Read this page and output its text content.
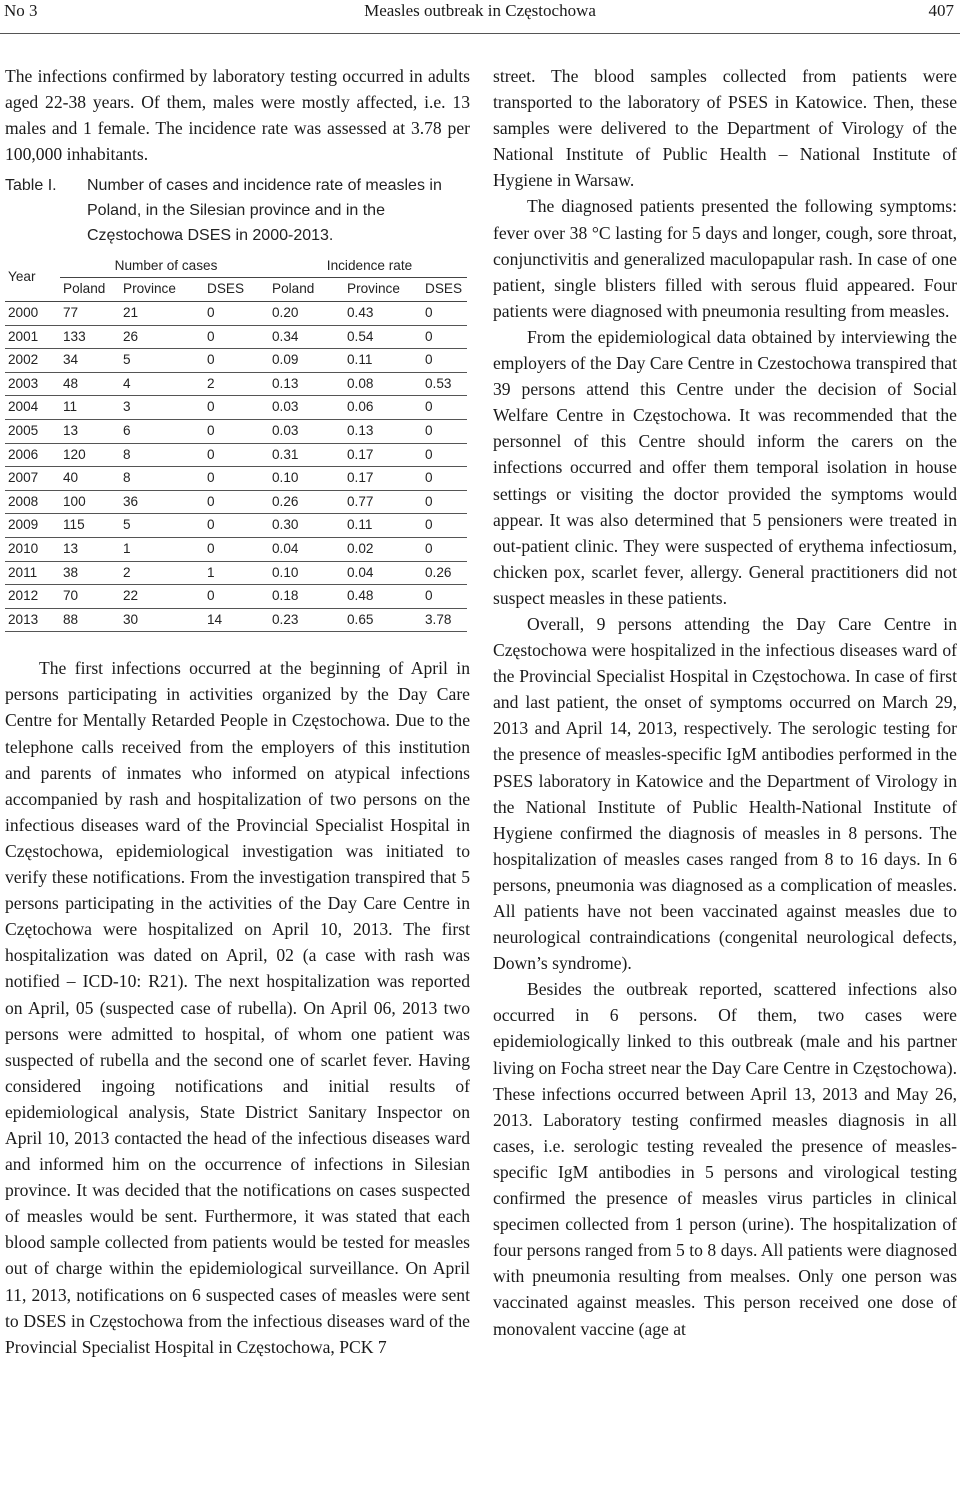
Measles outbreak in Częstochowa
No 3	407

The infections confirmed by laboratory testing occurred in adults aged 22-38 years. Of them, males were mostly affected, i.e. 13 males and 1 female. The incidence rate was assessed at 3.78 per 100,000 inhabitants.

Table I.	Number of cases and incidence rate of measles in Poland, in the Silesian province and in the Częstochowa DSES in 2000-2013.
Year	Number of cases			Incidence rate		
	Poland	Province	DSES	Poland	Province	DSES
2000	77	21	0	0.20	0.43	0
2001	133	26	0	0.34	0.54	0
2002	34	5	0	0.09	0.11	0
2003	48	4	2	0.13	0.08	0.53
2004	11	3	0	0.03	0.06	0
2005	13	6	0	0.03	0.13	0
2006	120	8	0	0.31	0.17	0
2007	40	8	0	0.10	0.17	0
2008	100	36	0	0.26	0.77	0
2009	115	5	0	0.30	0.11	0
2010	13	1	0	0.04	0.02	0
2011	38	2	1	0.10	0.04	0.26
2012	70	22	0	0.18	0.48	0
2013	88	30	14	0.23	0.65	3.78

The first infections occurred at the beginning of April in persons participating in activities organized by the Day Care Centre for Mentally Retarded People in Częstochowa. Due to the telephone calls received from the employers of this institution and parents of inmates who informed on atypical infections accompanied by rash and hospitalization of two persons on the infectious diseases ward of the Provincial Specialist Hospital in Częstochowa, epidemiological investigation was initiated to verify these notifications. From the investigation transpired that 5 persons participating in the activities of the Day Care Centre in Czętochowa were hospitalized on April 10, 2013. The first hospitalization was dated on April, 02 (a case with rash was notified – ICD-10: R21). The next hospitalization was reported on April, 05 (suspected case of rubella). On April 06, 2013 two persons were admitted to hospital, of whom one patient was suspected of rubella and the second one of scarlet fever. Having considered ingoing notifications and initial results of epidemiological analysis, State District Sanitary Inspector on April 10, 2013 contacted the head of the infectious diseases ward and informed him on the occurrence of infections in Silesian province. It was decided that the notifications on cases suspected of measles would be sent. Furthermore, it was stated that each blood sample collected from patients would be tested for measles out of charge within the epidemiological surveillance. On April 11, 2013, notifications on 6 suspected cases of measles were sent to DSES in Częstochowa from the infectious diseases ward of the Provincial Specialist Hospital in Częstochowa, PCK 7

street. The blood samples collected from patients were transported to the laboratory of PSES in Katowice. Then, these samples were delivered to the Department of Virology of the National Institute of Public Health – National Institute of Hygiene in Warsaw.

The diagnosed patients presented the following symptoms: fever over 38 °C lasting for 5 days and longer, cough, sore throat, conjunctivitis and generalized maculopapular rash. In case of one patient, single blisters filled with serous fluid appeared. Four patients were diagnosed with pneumonia resulting from measles.

From the epidemiological data obtained by interviewing the employers of the Day Care Centre in Czestochowa transpired that 39 persons attend this Centre under the decision of Social Welfare Centre in Częstochowa. It was recommended that the personnel of this Centre should inform the carers on the infections occurred and offer them temporal isolation in house settings or visiting the doctor provided the symptoms would appear. It was also determined that 5 pensioners were treated in out-patient clinic. They were suspected of erythema infectiosum, chicken pox, scarlet fever, allergy. General practitioners did not suspect measles in these patients.

Overall, 9 persons attending the Day Care Centre in Częstochowa were hospitalized in the infectious diseases ward of the Provincial Specialist Hospital in Częstochowa. In case of first and last patient, the onset of symptoms occurred on March 29, 2013 and April 14, 2013, respectively. The serologic testing for the presence of measles-specific IgM antibodies performed in the PSES laboratory in Katowice and the Department of Virology in the National Institute of Public Health-National Institute of Hygiene confirmed the diagnosis of measles in 8 persons. The hospitalization of measles cases ranged from 8 to 16 days. In 6 persons, pneumonia was diagnosed as a complication of measles. All patients have not been vaccinated against measles due to neurological contraindications (congenital neurological defects, Down’s syndrome).

Besides the outbreak reported, scattered infections also occurred in 6 persons. Of them, two cases were epidemiologically linked to this outbreak (male and his partner living on Focha street near the Day Care Centre in Częstochowa). These infections occurred between April 13, 2013 and May 26, 2013. Laboratory testing confirmed measles diagnosis in all cases, i.e. serologic testing revealed the presence of measles-specific IgM antibodies in 5 persons and virological testing confirmed the presence of measles virus particles in clinical specimen collected from 1 person (urine). The hospitalization of four persons ranged from 5 to 8 days. All patients were diagnosed with pneumonia resulting from mealses. Only one person was vaccinated against measles. This person received one dose of monovalent vaccine (age at
